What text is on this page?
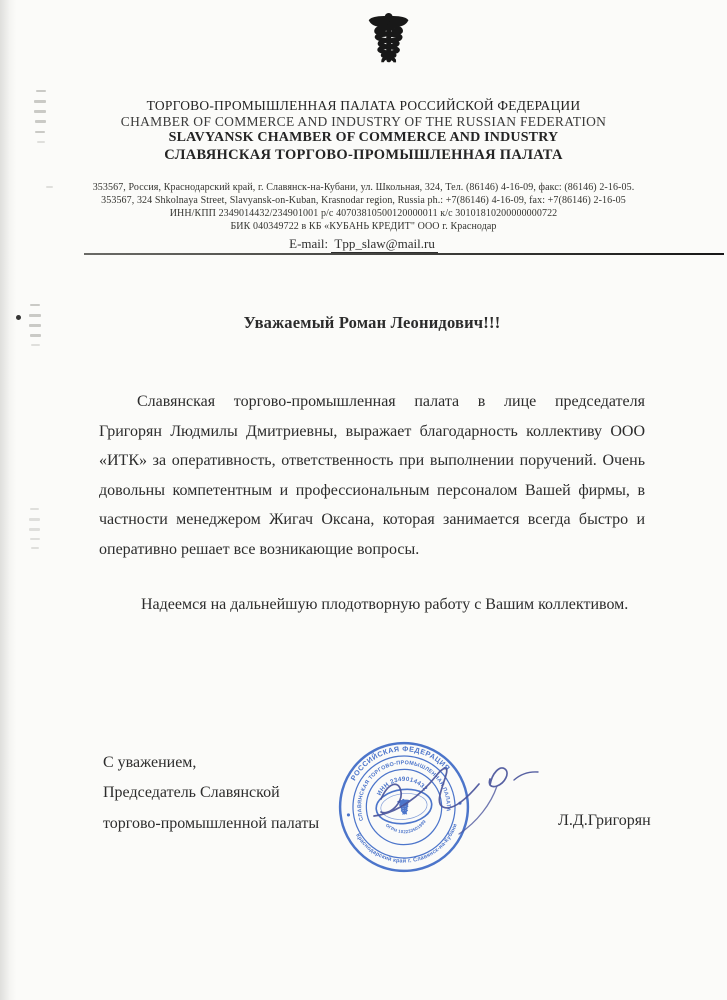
☤
ТОРГОВО-ПРОМЫШЛЕННАЯ ПАЛАТА РОССИЙСКОЙ ФЕДЕРАЦИИ
CHAMBER OF COMMERCE AND INDUSTRY OF THE RUSSIAN FEDERATION
SLAVYANSK CHAMBER OF COMMERCE AND INDUSTRY
СЛАВЯНСКАЯ ТОРГОВО-ПРОМЫШЛЕННАЯ ПАЛАТА
353567, Россия, Краснодарский край, г. Славянск-на-Кубани, ул. Школьная, 324, Тел. (86146) 4-16-09, факс: (86146) 2-16-05.
353567, 324 Shkolnaya Street, Slavyansk-on-Kuban, Krasnodar region, Russia ph.: +7(86146) 4-16-09, fax: +7(86146) 2-16-05
ИНН/КПП 2349014432/234901001 р/с 40703810500120000011 к/с 30101810200000000722
БИК 040349722 в КБ «КУБАНЬ КРЕДИТ" ООО г. Краснодар
E-mail: Tpp_slaw@mail.ru
Уважаемый Роман Леонидович!!!
Славянская торгово-промышленная палата в лице председателя
Григорян Людмилы Дмитриевны, выражает благодарность коллективу ООО
«ИТК» за оперативность, ответственность при выполнении поручений. Очень
довольны компетентным и профессиональным персоналом Вашей фирмы, в
частности менеджером Жигач Оксана, которая занимается всегда быстро и
оперативно решает все возникающие вопросы.
Надеемся на дальнейшую плодотворную работу с Вашим коллективом.
С уважением,
Председатель Славянской
торгово-промышленной палаты	Л.Д.Григорян
РОССИЙСКАЯ ФЕДЕРАЦИЯ
Краснодарский край г. Славянск-на-Кубани
СЛАВЯНСКАЯ ТОРГОВО-ПРОМЫШЛЕННАЯ ПАЛАТА
ИНН 2349014432
ОГРН 102233501999
☤
